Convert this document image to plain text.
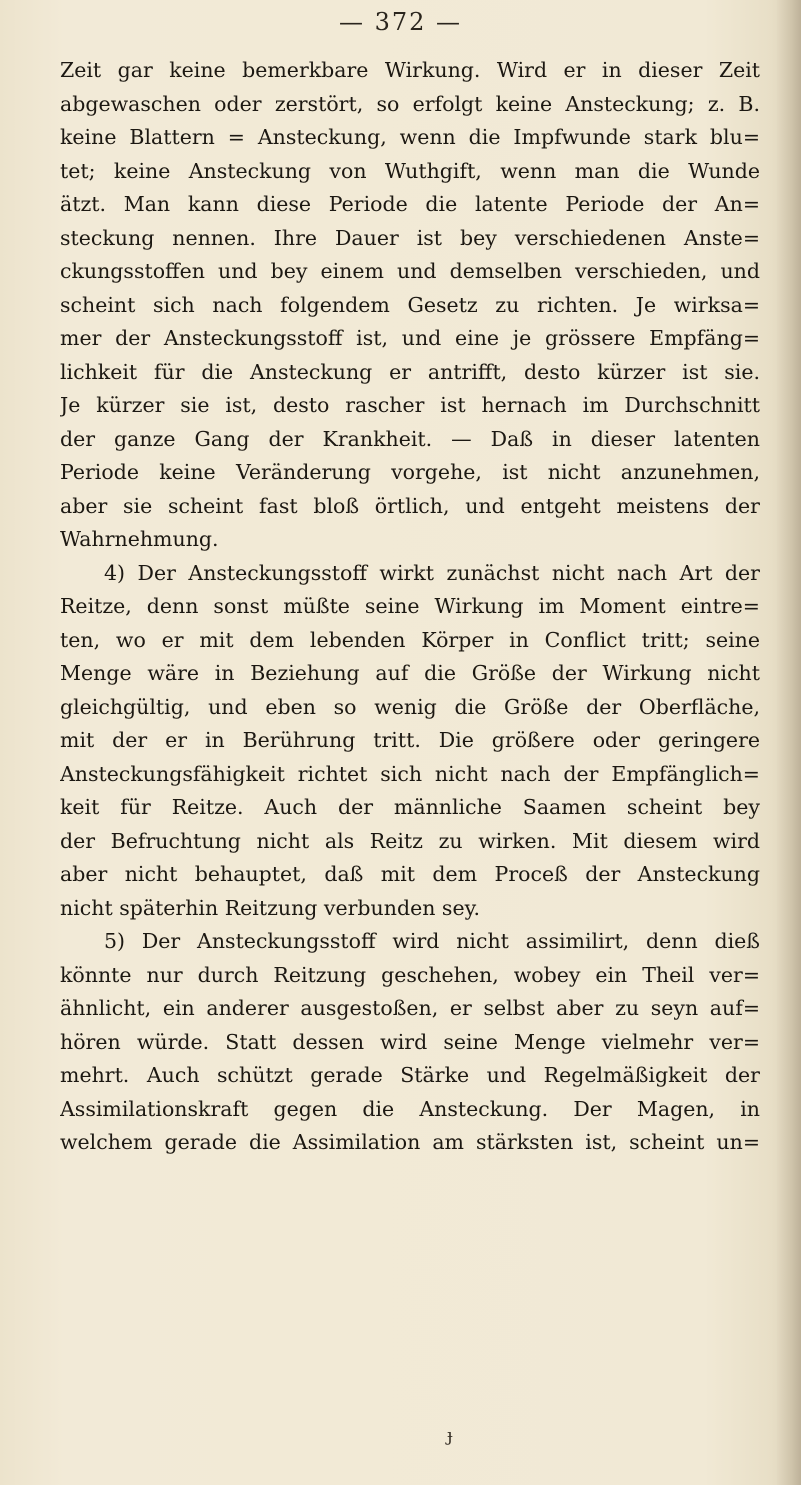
— 372 —
Zeit gar keine bemerkbare Wirkung. Wird er in dieser Zeit
abgewaschen oder zerstört, so erfolgt keine Ansteckung; z. B.
keine Blattern = Ansteckung, wenn die Impfwunde stark blu=
tet; keine Ansteckung von Wuthgift, wenn man die Wunde
ätzt. Man kann diese Periode die latente Periode der An=
steckung nennen. Ihre Dauer ist bey verschiedenen Anste=
ckungsstoffen und bey einem und demselben verschieden, und
scheint sich nach folgendem Gesetz zu richten. Je wirksa=
mer der Ansteckungsstoff ist, und eine je grössere Empfäng=
lichkeit für die Ansteckung er antrifft, desto kürzer ist sie.
Je kürzer sie ist, desto rascher ist hernach im Durchschnitt
der ganze Gang der Krankheit. — Daß in dieser latenten
Periode keine Veränderung vorgehe, ist nicht anzunehmen,
aber sie scheint fast bloß örtlich, und entgeht meistens der
Wahrnehmung.
4) Der Ansteckungsstoff wirkt zunächst nicht nach Art der
Reitze, denn sonst müßte seine Wirkung im Moment eintre=
ten, wo er mit dem lebenden Körper in Conflict tritt; seine
Menge wäre in Beziehung auf die Größe der Wirkung nicht
gleichgültig, und eben so wenig die Größe der Oberfläche,
mit der er in Berührung tritt. Die größere oder geringere
Ansteckungsfähigkeit richtet sich nicht nach der Empfänglich=
keit für Reitze. Auch der männliche Saamen scheint bey
der Befruchtung nicht als Reitz zu wirken. Mit diesem wird
aber nicht behauptet, daß mit dem Proceß der Ansteckung
nicht späterhin Reitzung verbunden sey.
5) Der Ansteckungsstoff wird nicht assimilirt, denn dieß
könnte nur durch Reitzung geschehen, wobey ein Theil ver=
ähnlicht, ein anderer ausgestoßen, er selbst aber zu seyn auf=
hören würde. Statt dessen wird seine Menge vielmehr ver=
mehrt. Auch schützt gerade Stärke und Regelmäßigkeit der
Assimilationskraft gegen die Ansteckung. Der Magen, in
welchem gerade die Assimilation am stärksten ist, scheint un=
ɟ
